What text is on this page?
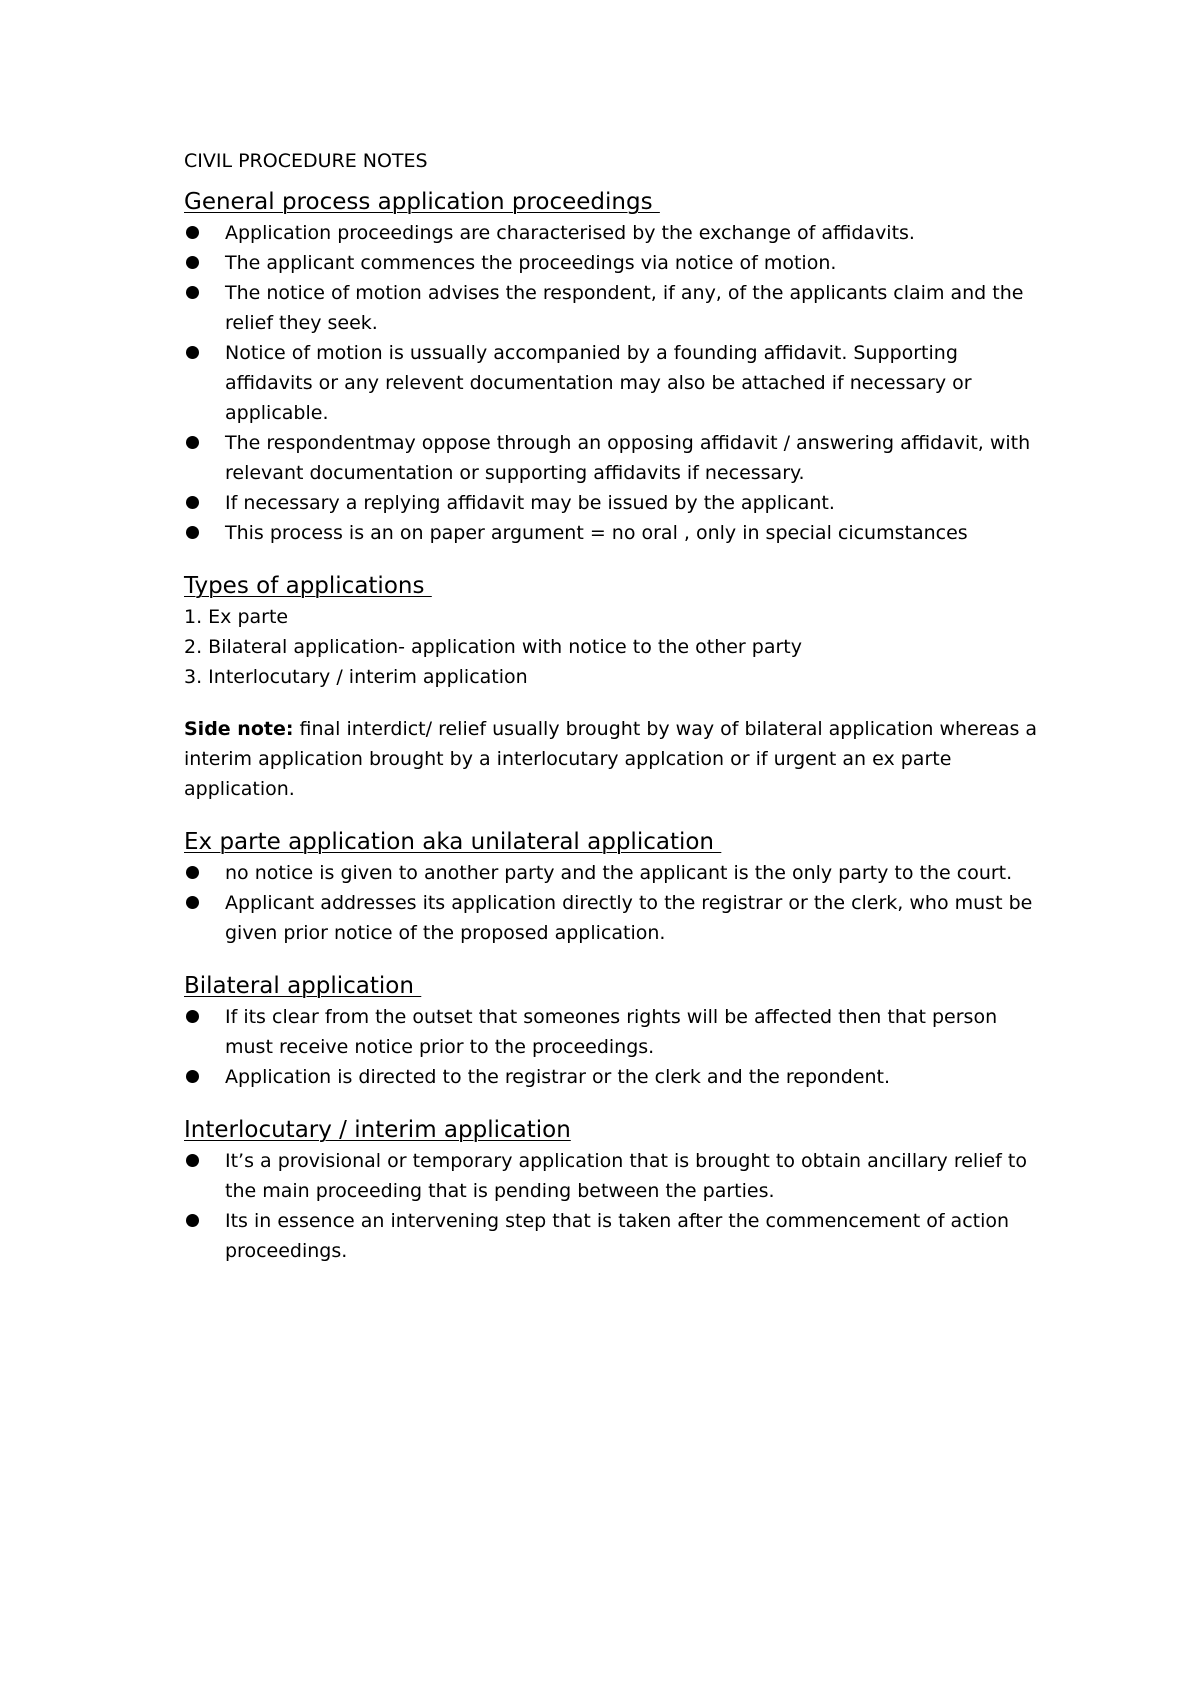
CIVIL PROCEDURE NOTES

General process application proceedings

Application proceedings are characterised by the exchange of affidavits.
The applicant commences the proceedings via notice of motion.
The notice of motion advises the respondent, if any, of the applicants claim and the relief they seek.
Notice of motion is ussually accompanied by a founding affidavit. Supporting affidavits or any relevent documentation may also be attached if necessary or applicable.
The respondentmay oppose through an opposing affidavit / answering affidavit, with relevant documentation or supporting affidavits if necessary.
If necessary a replying affidavit may be issued by the applicant.
This process is an on paper argument = no oral , only in special cicumstances

Types of applications

1. Ex parte

2. Bilateral application- application with notice to the other party

3. Interlocutary / interim application

Side note: final interdict/ relief usually brought by way of bilateral application whereas a interim application brought by a interlocutary applcation or if urgent an ex parte application.

Ex parte application aka unilateral application

no notice is given to another party and the applicant is the only party to the court.
Applicant addresses its application directly to the registrar or the clerk, who must be given prior notice of the proposed application.

Bilateral application

If its clear from the outset that someones rights will be affected then that person must receive notice prior to the proceedings.
Application is directed to the registrar or the clerk and the repondent.

Interlocutary / interim application

It’s a provisional or temporary application that is brought to obtain ancillary relief to the main proceeding that is pending between the parties.
Its in essence an intervening step that is taken after the commencement of action proceedings.
